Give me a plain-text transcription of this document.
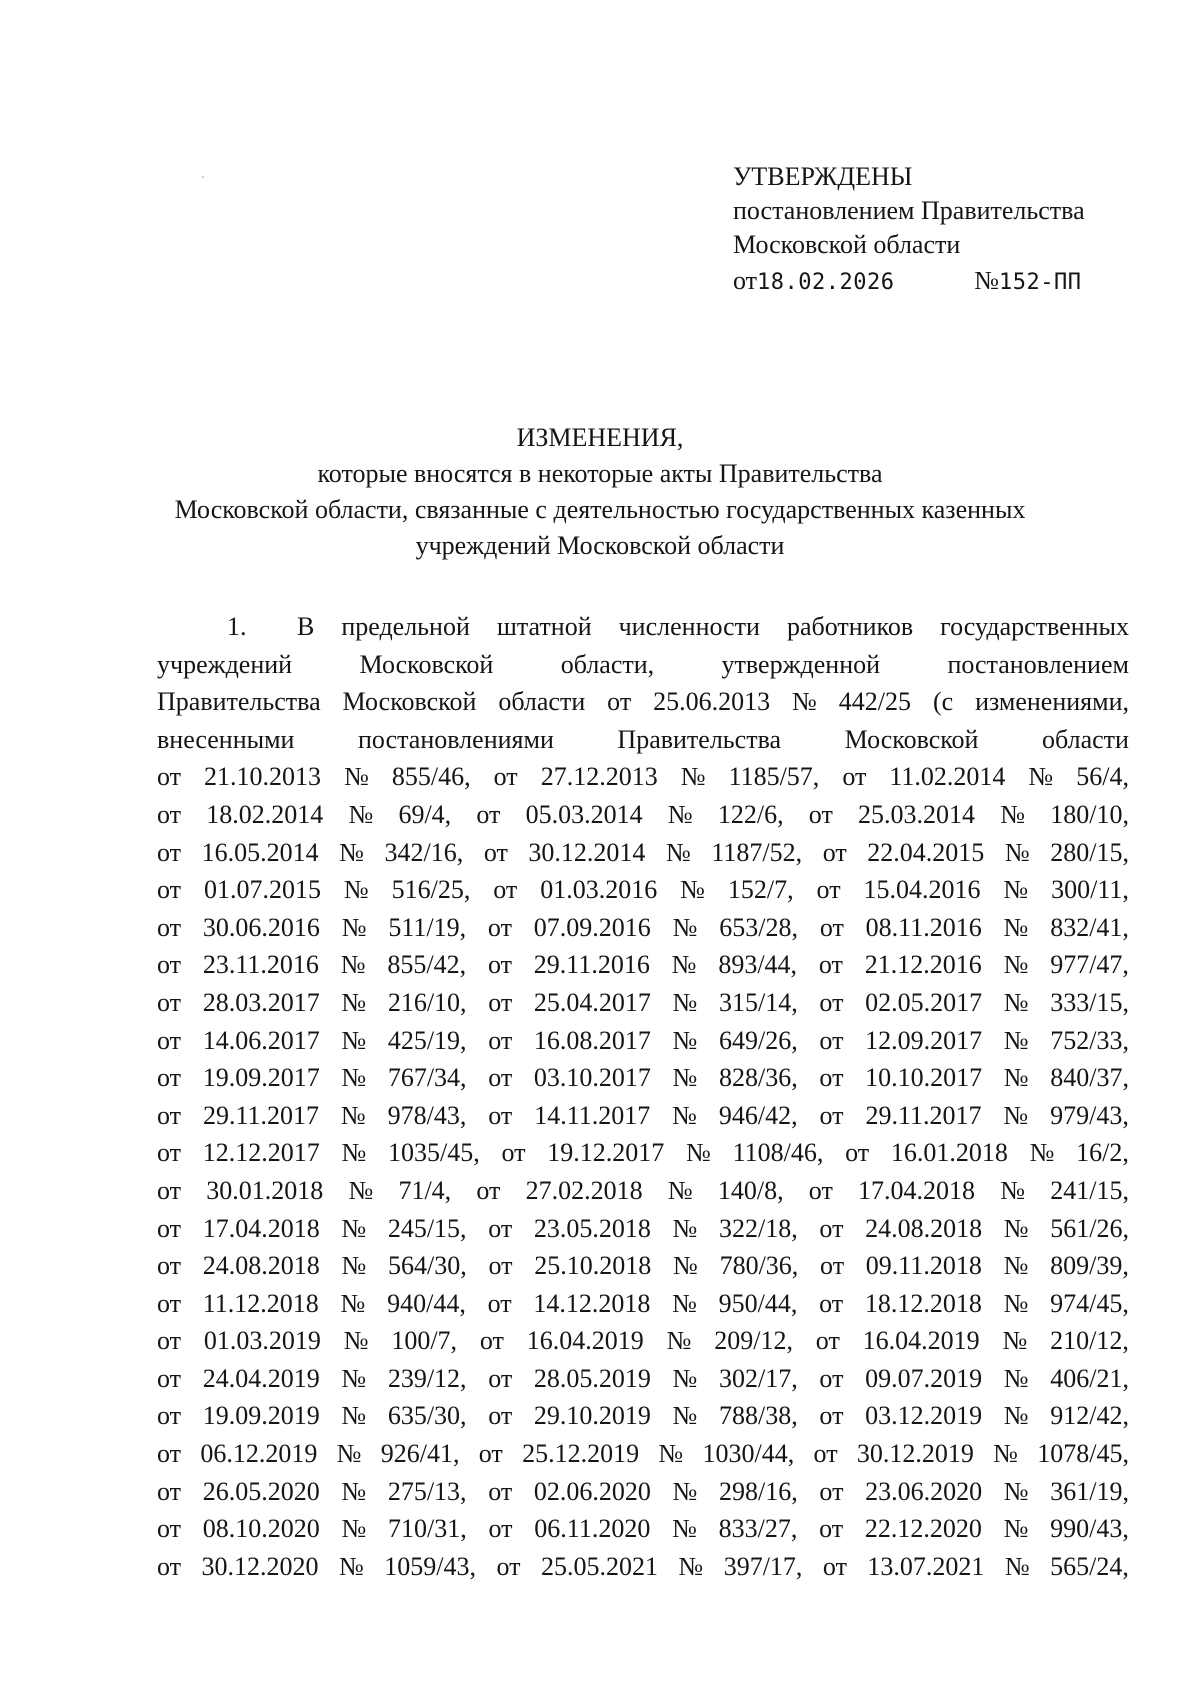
УТВЕРЖДЕНЫ
постановлением Правительства
Московской области
от18.02.2026	№152-ПП
ИЗМЕНЕНИЯ,
которые вносятся в некоторые акты Правительства
Московской области, связанные с деятельностью государственных казенных
учреждений Московской области
1.	В предельной штатной численности работников государственных
учреждений	Московской	области,	утвержденной	постановлением
Правительства Московской области от 25.06.2013 № 442/25 (с изменениями,
внесенными постановлениями Правительства Московской области
от 21.10.2013 № 855/46, от 27.12.2013 № 1185/57, от 11.02.2014 № 56/4,
от 18.02.2014 № 69/4, от 05.03.2014 № 122/6, от 25.03.2014 № 180/10,
от 16.05.2014 № 342/16, от 30.12.2014 № 1187/52, от 22.04.2015 № 280/15,
от 01.07.2015 № 516/25, от 01.03.2016 № 152/7, от 15.04.2016 № 300/11,
от 30.06.2016 № 511/19, от 07.09.2016 № 653/28, от 08.11.2016 № 832/41,
от 23.11.2016 № 855/42, от 29.11.2016 № 893/44, от 21.12.2016 № 977/47,
от 28.03.2017 № 216/10, от 25.04.2017 № 315/14, от 02.05.2017 № 333/15,
от 14.06.2017 № 425/19, от 16.08.2017 № 649/26, от 12.09.2017 № 752/33,
от 19.09.2017 № 767/34, от 03.10.2017 № 828/36, от 10.10.2017 № 840/37,
от 29.11.2017 № 978/43, от 14.11.2017 № 946/42, от 29.11.2017 № 979/43,
от 12.12.2017 № 1035/45, от 19.12.2017 № 1108/46, от 16.01.2018 № 16/2,
от 30.01.2018 № 71/4, от 27.02.2018 № 140/8, от 17.04.2018 № 241/15,
от 17.04.2018 № 245/15, от 23.05.2018 № 322/18, от 24.08.2018 № 561/26,
от 24.08.2018 № 564/30, от 25.10.2018 № 780/36, от 09.11.2018 № 809/39,
от 11.12.2018 № 940/44, от 14.12.2018 № 950/44, от 18.12.2018 № 974/45,
от 01.03.2019 № 100/7, от 16.04.2019 № 209/12, от 16.04.2019 № 210/12,
от 24.04.2019 № 239/12, от 28.05.2019 № 302/17, от 09.07.2019 № 406/21,
от 19.09.2019 № 635/30, от 29.10.2019 № 788/38, от 03.12.2019 № 912/42,
от 06.12.2019 № 926/41, от 25.12.2019 № 1030/44, от 30.12.2019 № 1078/45,
от 26.05.2020 № 275/13, от 02.06.2020 № 298/16, от 23.06.2020 № 361/19,
от 08.10.2020 № 710/31, от 06.11.2020 № 833/27, от 22.12.2020 № 990/43,
от 30.12.2020 № 1059/43, от 25.05.2021 № 397/17, от 13.07.2021 № 565/24,
